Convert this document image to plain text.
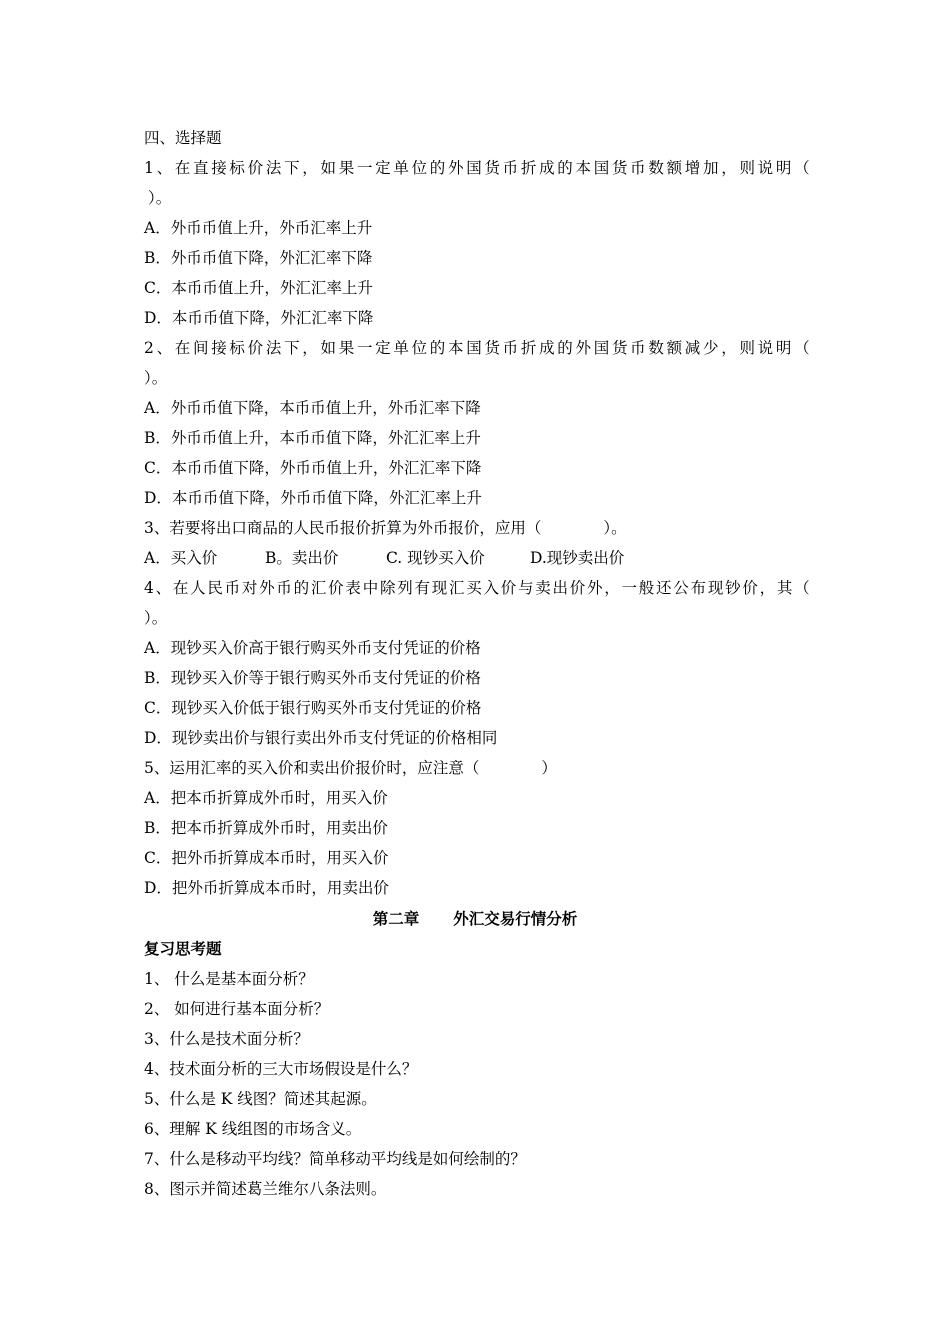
四、选择题
1、在直接标价法下，如果一定单位的外国货币折成的本国货币数额增加，则说明（
）。
A．外币币值上升，外币汇率上升
B．外币币值下降，外汇汇率下降
C．本币币值上升，外汇汇率上升
D．本币币值下降，外汇汇率下降
2、在间接标价法下，如果一定单位的本国货币折成的外国货币数额减少，则说明（
）。
A．外币币值下降，本币币值上升，外币汇率下降
B．外币币值上升，本币币值下降，外汇汇率上升
C．本币币值下降，外币币值上升，外汇汇率下降
D．本币币值下降，外币币值下降，外汇汇率上升
3、若要将出口商品的人民币报价折算为外币报价，应用（　　　　）。
A．买入价	B。卖出价	C. 现钞买入价	D.现钞卖出价
4、在人民币对外币的汇价表中除列有现汇买入价与卖出价外，一般还公布现钞价，其（
）。
A．现钞买入价高于银行购买外币支付凭证的价格
B．现钞买入价等于银行购买外币支付凭证的价格
C．现钞买入价低于银行购买外币支付凭证的价格
D．现钞卖出价与银行卖出外币支付凭证的价格相同
5、运用汇率的买入价和卖出价报价时，应注意（　　　　）
A．把本币折算成外币时，用买入价
B．把本币折算成外币时，用卖出价
C．把外币折算成本币时，用买入价
D．把外币折算成本币时，用卖出价
第二章 外汇交易行情分析
复习思考题
1、 什么是基本面分析？
2、 如何进行基本面分析？
3、什么是技术面分析？
4、技术面分析的三大市场假设是什么？
5、什么是 K 线图？简述其起源。
6、理解 K 线组图的市场含义。
7、什么是移动平均线？简单移动平均线是如何绘制的？
8、图示并简述葛兰维尔八条法则。
